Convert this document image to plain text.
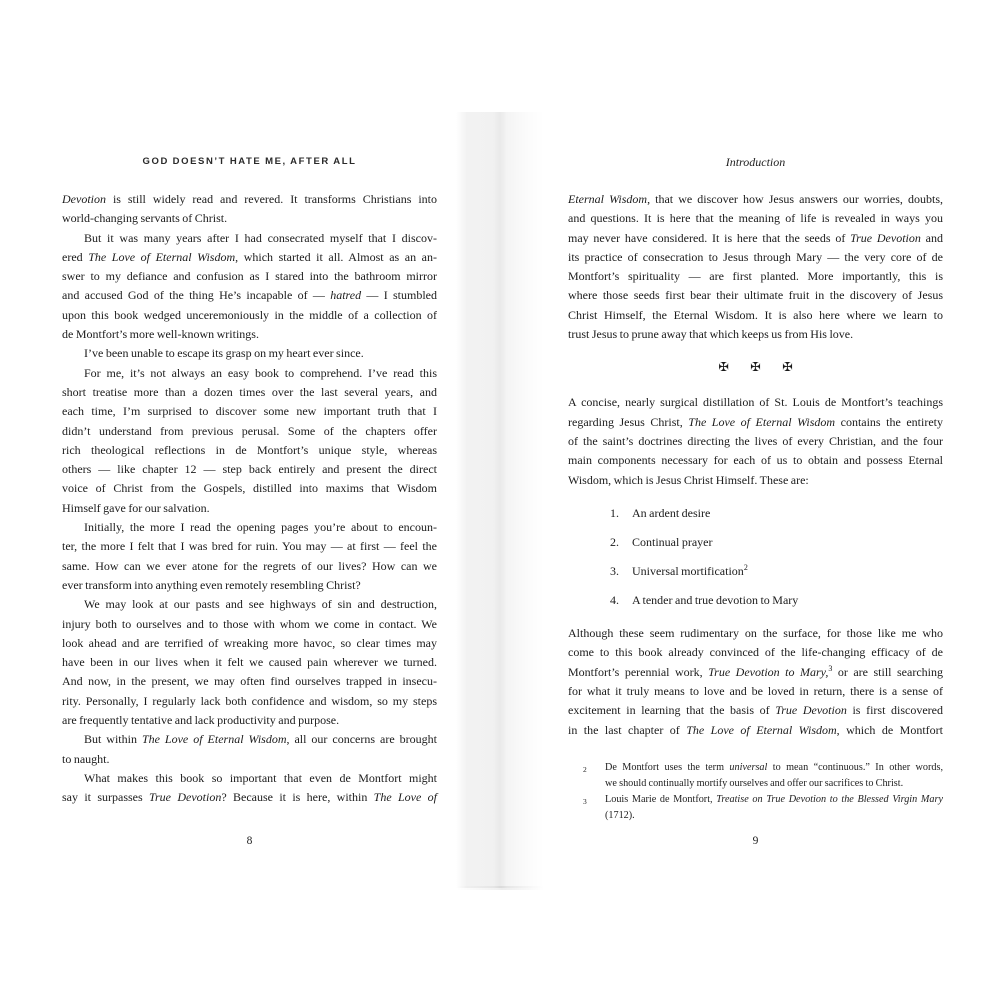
GOD DOESN’T HATE ME, AFTER ALL
Devotion is still widely read and revered. It transforms Christians into
world-changing servants of Christ.
But it was many years after I had consecrated myself that I discov-
ered The Love of Eternal Wisdom, which started it all. Almost as an an-
swer to my defiance and confusion as I stared into the bathroom mirror
and accused God of the thing He’s incapable of — hatred — I stumbled
upon this book wedged unceremoniously in the middle of a collection of
de Montfort’s more well-known writings.
I’ve been unable to escape its grasp on my heart ever since.
For me, it’s not always an easy book to comprehend. I’ve read this
short treatise more than a dozen times over the last several years, and
each time, I’m surprised to discover some new important truth that I
didn’t understand from previous perusal. Some of the chapters offer
rich theological reflections in de Montfort’s unique style, whereas
others — like chapter 12 — step back entirely and present the direct
voice of Christ from the Gospels, distilled into maxims that Wisdom
Himself gave for our salvation.
Initially, the more I read the opening pages you’re about to encoun-
ter, the more I felt that I was bred for ruin. You may — at first — feel the
same. How can we ever atone for the regrets of our lives? How can we
ever transform into anything even remotely resembling Christ?
We may look at our pasts and see highways of sin and destruction,
injury both to ourselves and to those with whom we come in contact. We
look ahead and are terrified of wreaking more havoc, so clear times may
have been in our lives when it felt we caused pain wherever we turned.
And now, in the present, we may often find ourselves trapped in insecu-
rity. Personally, I regularly lack both confidence and wisdom, so my steps
are frequently tentative and lack productivity and purpose.
But within The Love of Eternal Wisdom, all our concerns are brought
to naught.
What makes this book so important that even de Montfort might
say it surpasses True Devotion? Because it is here, within The Love of
8
Introduction
Eternal Wisdom, that we discover how Jesus answers our worries, doubts,
and questions. It is here that the meaning of life is revealed in ways you
may never have considered. It is here that the seeds of True Devotion and
its practice of consecration to Jesus through Mary — the very core of de
Montfort’s spirituality — are first planted. More importantly, this is
where those seeds first bear their ultimate fruit in the discovery of Jesus
Christ Himself, the Eternal Wisdom. It is also here where we learn to
trust Jesus to prune away that which keeps us from His love.
✠ ✠ ✠
A concise, nearly surgical distillation of St. Louis de Montfort’s teachings
regarding Jesus Christ, The Love of Eternal Wisdom contains the entirety
of the saint’s doctrines directing the lives of every Christian, and the four
main components necessary for each of us to obtain and possess Eternal
Wisdom, which is Jesus Christ Himself. These are:
1.	An ardent desire
2.	Continual prayer
3.	Universal mortification$^2$
4.	A tender and true devotion to Mary
Although these seem rudimentary on the surface, for those like me who
come to this book already convinced of the life-changing efficacy of de
Montfort’s perennial work, True Devotion to Mary,$^3$ or are still searching
for what it truly means to love and be loved in return, there is a sense of
excitement in learning that the basis of True Devotion is first discovered
in the last chapter of The Love of Eternal Wisdom, which de Montfort
2	De Montfort uses the term universal to mean “continuous.” In other words,
we should continually mortify ourselves and offer our sacrifices to Christ.
3	Louis Marie de Montfort, Treatise on True Devotion to the Blessed Virgin Mary
(1712).
9
